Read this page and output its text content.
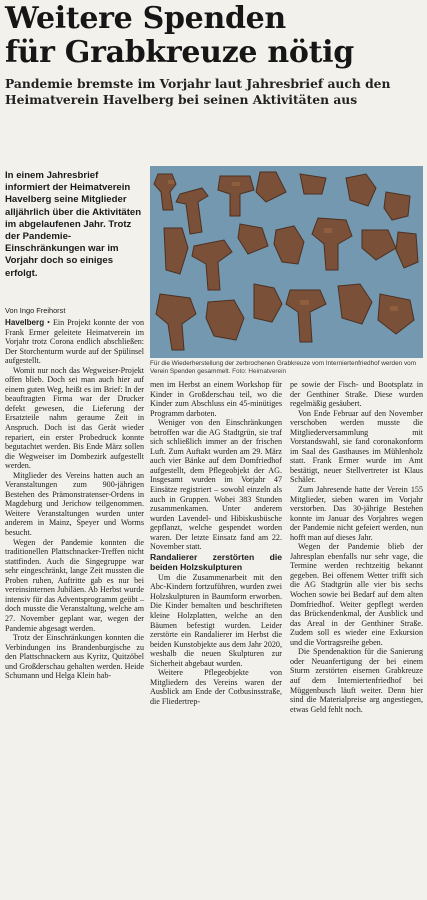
Weitere Spenden
für Grabkreuze nötig
Pandemie bremste im Vorjahr laut Jahresbrief auch den Heimatverein Havelberg bei seinen Aktivitäten aus
In einem Jahresbrief informiert der Heimatverein Havelberg seine Mitglieder alljährlich über die Aktivitäten im abgelaufenen Jahr. Trotz der Pandemie-Einschränkungen war im Vorjahr doch so einiges erfolgt.
Von Ingo Freihorst
Für die Wiederherstellung der zerbrochenen Grabkreuze vom Interniertenfriedhof werden vom Verein Spenden gesammelt. Foto: Heimatverein

Havelberg • Ein Projekt konnte der von Frank Ermer geleitete Heimatverein im Vorjahr trotz Corona endlich abschließen: Der Storchenturm wurde auf der Spülinsel aufgestellt.

Womit nur noch das Wegweiser-Projekt offen blieb. Doch sei man auch hier auf einem guten Weg, heißt es im Brief: In der beauftragten Firma war der Drucker defekt gewesen, die Lieferung der Ersatzteile nahm geraume Zeit in Anspruch. Doch ist das Gerät wieder repariert, ein erster Probedruck konnte begutachtet werden. Bis Ende März sollen die Wegweiser im Dombezirk aufgestellt werden.

Mitglieder des Vereins hatten auch an Veranstaltungen zum 900-jährigen Bestehen des Prämonstratenser-Ordens in Magdeburg und Jerichow teilgenommen. Weitere Veranstaltungen wurden unter anderem in Mainz, Speyer und Worms besucht.

Wegen der Pandemie konnten die traditionellen Plattschnacker-Treffen nicht stattfinden. Auch die Singegruppe war sehr eingeschränkt, lange Zeit mussten die Proben ruhen, Auftritte gab es nur bei vereinsinternen Jubiläen. Ab Herbst wurde intensiv für das Adventsprogramm geübt – doch musste die Veranstaltung, welche am 27. November geplant war, wegen der Pandemie abgesagt werden.

Trotz der Einschränkungen konnten die Verbindungen ins Brandenburgische zu den Plattschnackern aus Kyritz, Quitzöbel und Großderschau gehalten werden. Heide Schumann und Helga Klein hab-

men im Herbst an einem Workshop für Kinder in Großderschau teil, wo die Kinder zum Abschluss ein 45-minütiges Programm darboten.

Weniger von den Einschränkungen betroffen war die AG Stadtgrün, sie traf sich schließlich immer an der frischen Luft. Zum Auftakt wurden am 29. März auch vier Bänke auf dem Domfriedhof aufgestellt, dem Pflegeobjekt der AG. Insgesamt wurden im Vorjahr 47 Einsätze registriert – sowohl einzeln als auch in Gruppen. Wobei 383 Stunden zusammenkamen. Unter anderem wurden Lavendel- und Hibiskusbüsche gepflanzt, welche gespendet worden waren. Der letzte Einsatz fand am 22. November statt.

Randalierer zerstörten die beiden Holzskulpturen

Um die Zusammenarbeit mit den Abc-Kindern fortzuführen, wurden zwei Holzskulpturen in Baumform erworben. Die Kinder bemalten und beschrifteten kleine Holzplatten, welche an den Bäumen befestigt wurden. Leider zerstörte ein Randalierer im Herbst die beiden Kunstobjekte aus dem Jahr 2020, weshalb die neuen Skulpturen zur Sicherheit abgebaut wurden.

Weitere Pflegeobjekte von Mitgliedern des Vereins waren der Ausblick am Ende der Cotbusinsstraße, die Fliedertrep-

pe sowie der Fisch- und Bootsplatz in der Genthiner Straße. Diese wurden regelmäßig gesäubert.

Von Ende Februar auf den November verschoben werden musste die Mitgliederversammlung mit Vorstandswahl, sie fand coronakonform im Saal des Gasthauses im Mühlenholz statt. Frank Ermer wurde im Amt bestätigt, neuer Stellvertreter ist Klaus Schäler.

Zum Jahresende hatte der Verein 155 Mitglieder, sieben waren im Vorjahr verstorben. Das 30-jährige Bestehen konnte im Januar des Vorjahres wegen der Pandemie nicht gefeiert werden, nun hofft man auf dieses Jahr.

Wegen der Pandemie blieb der Jahresplan ebenfalls nur sehr vage, die Termine werden rechtzeitig bekannt gegeben. Bei offenem Wetter trifft sich die AG Stadtgrün alle vier bis sechs Wochen sowie bei Bedarf auf dem alten Domfriedhof. Weiter gepflegt werden das Brückendenkmal, der Ausblick und das Areal in der Genthiner Straße. Zudem soll es wieder eine Exkursion und die Vortragsreihe geben.

Die Spendenaktion für die Sanierung oder Neuanfertigung der bei einem Sturm zerstörten eisernen Grabkreuze auf dem Interniertenfriedhof bei Müggenbusch läuft weiter. Denn hier sind die Materialpreise arg angestiegen, etwas Geld fehlt noch.
